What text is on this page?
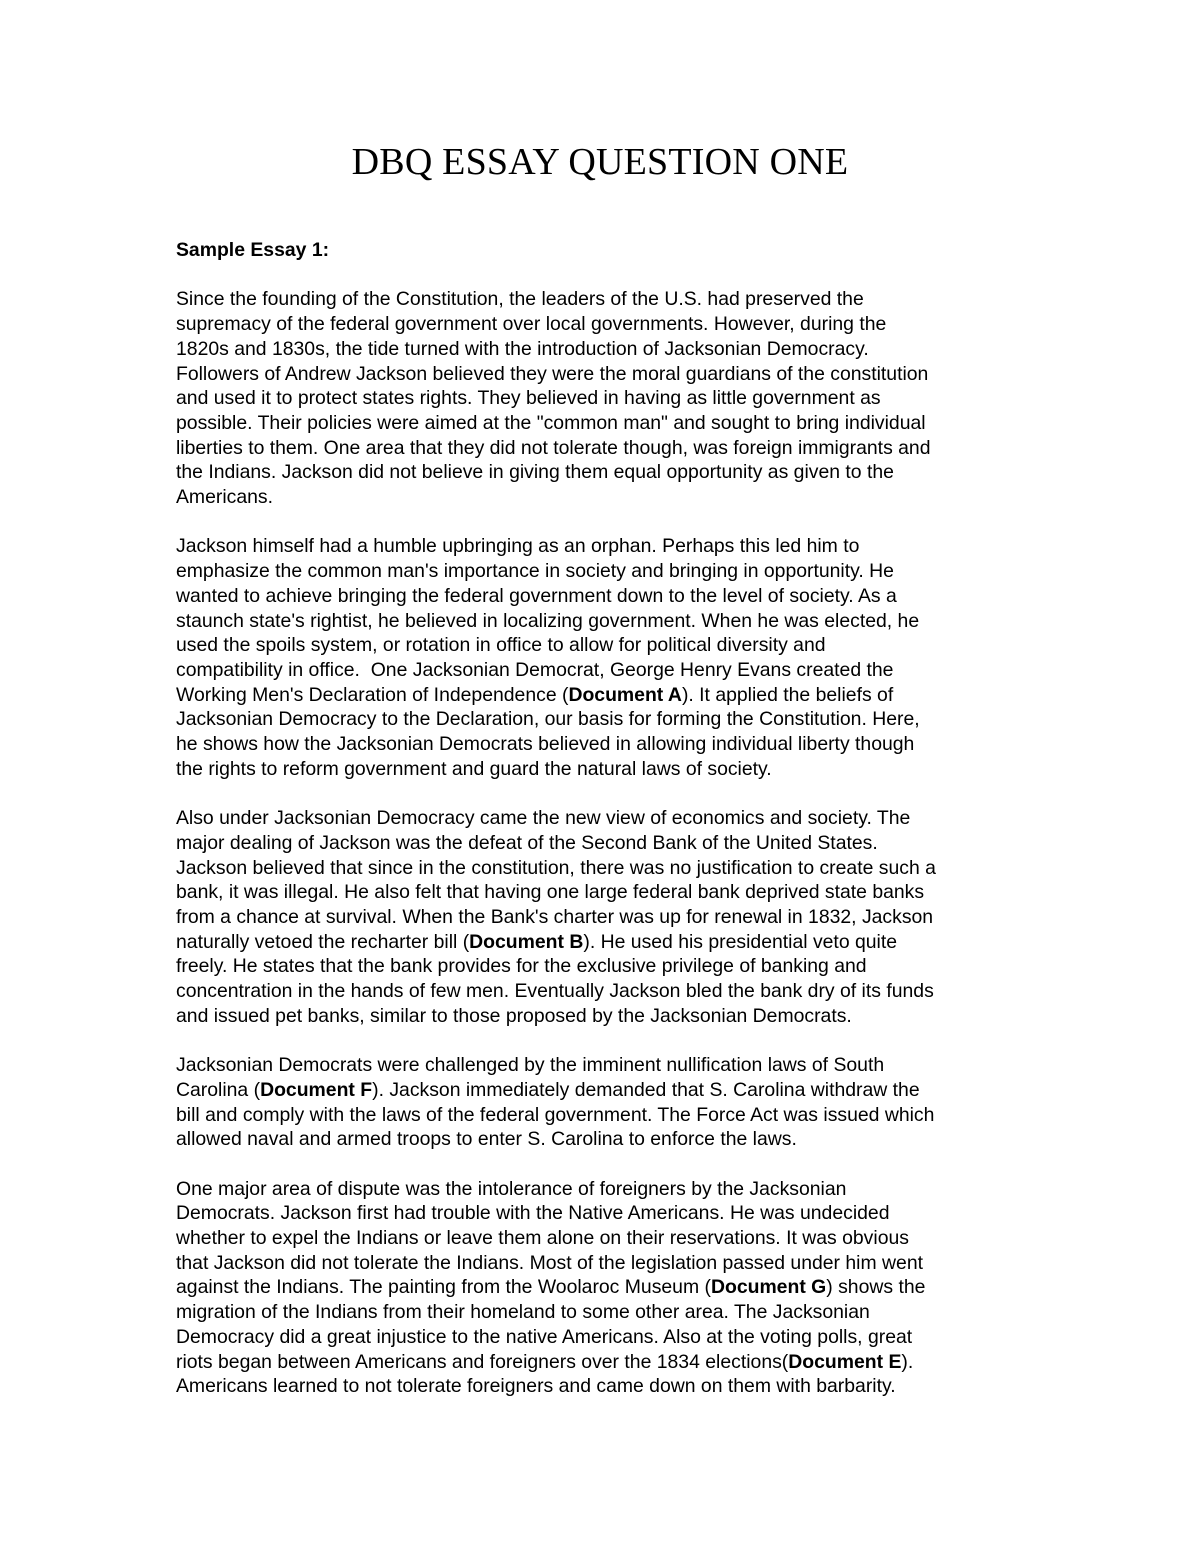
DBQ ESSAY QUESTION ONE
Sample Essay 1:
Since the founding of the Constitution, the leaders of the U.S. had preserved the
supremacy of the federal government over local governments. However, during the
1820s and 1830s, the tide turned with the introduction of Jacksonian Democracy.
Followers of Andrew Jackson believed they were the moral guardians of the constitution
and used it to protect states rights. They believed in having as little government as
possible. Their policies were aimed at the "common man" and sought to bring individual
liberties to them. One area that they did not tolerate though, was foreign immigrants and
the Indians. Jackson did not believe in giving them equal opportunity as given to the
Americans.
Jackson himself had a humble upbringing as an orphan. Perhaps this led him to
emphasize the common man's importance in society and bringing in opportunity. He
wanted to achieve bringing the federal government down to the level of society. As a
staunch state's rightist, he believed in localizing government. When he was elected, he
used the spoils system, or rotation in office to allow for political diversity and
compatibility in office.  One Jacksonian Democrat, George Henry Evans created the
Working Men's Declaration of Independence (Document A). It applied the beliefs of
Jacksonian Democracy to the Declaration, our basis for forming the Constitution. Here,
he shows how the Jacksonian Democrats believed in allowing individual liberty though
the rights to reform government and guard the natural laws of society.
Also under Jacksonian Democracy came the new view of economics and society. The
major dealing of Jackson was the defeat of the Second Bank of the United States.
Jackson believed that since in the constitution, there was no justification to create such a
bank, it was illegal. He also felt that having one large federal bank deprived state banks
from a chance at survival. When the Bank's charter was up for renewal in 1832, Jackson
naturally vetoed the recharter bill (Document B). He used his presidential veto quite
freely. He states that the bank provides for the exclusive privilege of banking and
concentration in the hands of few men. Eventually Jackson bled the bank dry of its funds
and issued pet banks, similar to those proposed by the Jacksonian Democrats.
Jacksonian Democrats were challenged by the imminent nullification laws of South
Carolina (Document F). Jackson immediately demanded that S. Carolina withdraw the
bill and comply with the laws of the federal government. The Force Act was issued which
allowed naval and armed troops to enter S. Carolina to enforce the laws.
One major area of dispute was the intolerance of foreigners by the Jacksonian
Democrats. Jackson first had trouble with the Native Americans. He was undecided
whether to expel the Indians or leave them alone on their reservations. It was obvious
that Jackson did not tolerate the Indians. Most of the legislation passed under him went
against the Indians. The painting from the Woolaroc Museum (Document G) shows the
migration of the Indians from their homeland to some other area. The Jacksonian
Democracy did a great injustice to the native Americans. Also at the voting polls, great
riots began between Americans and foreigners over the 1834 elections(Document E).
Americans learned to not tolerate foreigners and came down on them with barbarity.
